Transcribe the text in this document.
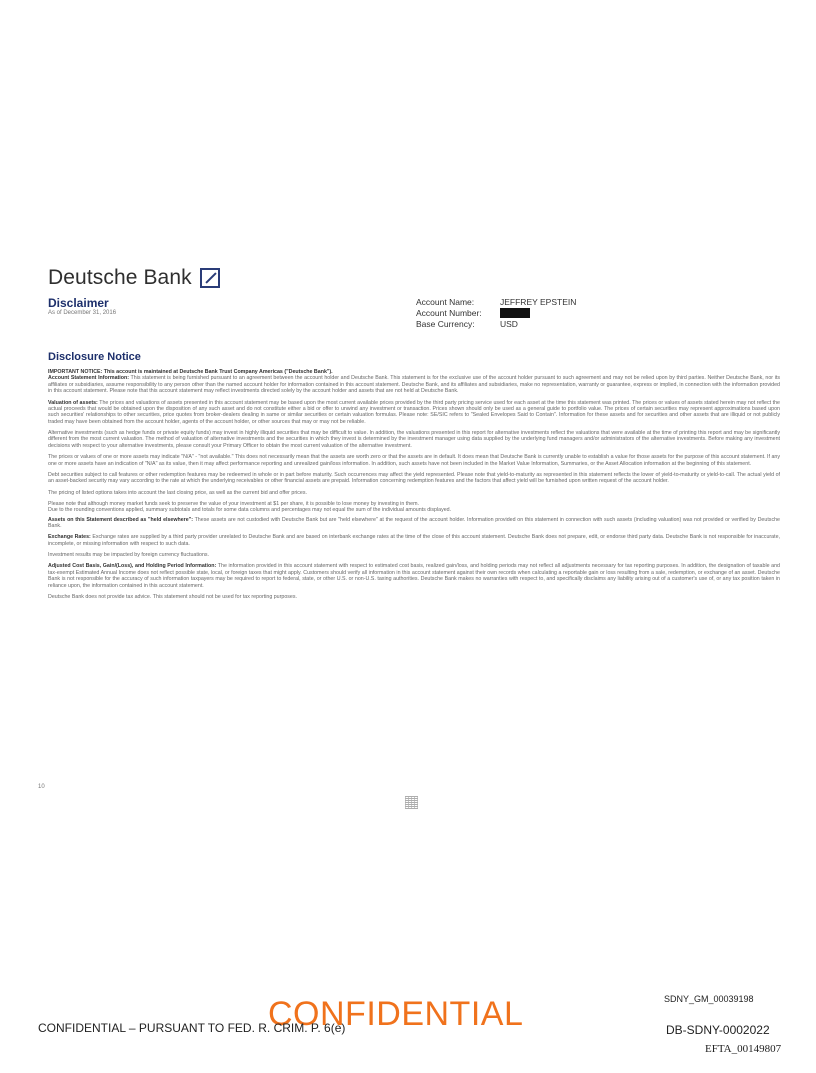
Deutsche Bank
Disclaimer
As of December 31, 2016
Account Name:	JEFFREY EPSTEIN
Account Number:
Base Currency:	USD
Disclosure Notice

IMPORTANT NOTICE: This account is maintained at Deutsche Bank Trust Company Americas ("Deutsche Bank").

Account Statement Information: This statement is being furnished pursuant to an agreement between the account holder and Deutsche Bank. This statement is for the exclusive use of the account holder pursuant to such agreement and may not be relied upon by third parties. Neither Deutsche Bank, nor its affiliates or subsidiaries, assume responsibility to any person other than the named account holder for information contained in this account statement. Deutsche Bank, and its affiliates and subsidiaries, make no representation, warranty or guarantee, express or implied, in connection with the information provided in this account statement. Please note that this account statement may reflect investments directed solely by the account holder and assets that are not held at Deutsche Bank.

Valuation of assets: The prices and valuations of assets presented in this account statement may be based upon the most current available prices provided by the third party pricing service used for each asset at the time this statement was printed. The prices or values of assets stated herein may not reflect the actual proceeds that would be obtained upon the disposition of any such asset and do not constitute either a bid or offer to unwind any investment or transaction. Prices shown should only be used as a general guide to portfolio value. The prices of certain securities may represent approximations based upon such securities' relationships to other securities, price quotes from broker-dealers dealing in same or similar securities or certain valuation formulas. Please note: SE/SIC refers to "Sealed Envelopes Said to Contain". Information for these assets and for securities and other assets that are illiquid or not publicly traded may have been obtained from the account holder, agents of the account holder, or other sources that may or may not be reliable.

Alternative investments (such as hedge funds or private equity funds) may invest in highly illiquid securities that may be difficult to value. In addition, the valuations presented in this report for alternative investments reflect the valuations that were available at the time of printing this report and may be significantly different from the most current valuation. The method of valuation of alternative investments and the securities in which they invest is determined by the investment manager using data supplied by the underlying fund managers and/or administrators of the alternative investments. Before making any investment decisions with respect to your alternative investments, please consult your Primary Officer to obtain the most current valuation of the alternative investment.

The prices or values of one or more assets may indicate "N/A" - "not available." This does not necessarily mean that the assets are worth zero or that the assets are in default. It does mean that Deutsche Bank is currently unable to establish a value for those assets for the purpose of this account statement. If any one or more assets have an indication of "N/A" as its value, then it may affect performance reporting and unrealized gain/loss information. In addition, such assets have not been included in the Market Value Information, Summaries, or the Asset Allocation information at the beginning of this statement.

Debt securities subject to call features or other redemption features may be redeemed in whole or in part before maturity. Such occurrences may affect the yield represented. Please note that yield-to-maturity as represented in this statement reflects the lower of yield-to-maturity or yield-to-call. The actual yield of an asset-backed security may vary according to the rate at which the underlying receivables or other financial assets are prepaid. Information concerning redemption features and the factors that affect yield will be furnished upon written request of the account holder.

The pricing of listed options takes into account the last closing price, as well as the current bid and offer prices.

Please note that although money market funds seek to preserve the value of your investment at $1 per share, it is possible to lose money by investing in them.

Due to the rounding conventions applied, summary subtotals and totals for some data columns and percentages may not equal the sum of the individual amounts displayed.

Assets on this Statement described as "held elsewhere": These assets are not custodied with Deutsche Bank but are "held elsewhere" at the request of the account holder. Information provided on this statement in connection with such assets (including valuation) was not provided or verified by Deutsche Bank.

Exchange Rates: Exchange rates are supplied by a third party provider unrelated to Deutsche Bank and are based on interbank exchange rates at the time of the close of this account statement. Deutsche Bank does not prepare, edit, or endorse third party data. Deutsche Bank is not responsible for inaccurate, incomplete, or missing information with respect to such data.

Investment results may be impacted by foreign currency fluctuations.

Adjusted Cost Basis, Gain/(Loss), and Holding Period Information: The information provided in this account statement with respect to estimated cost basis, realized gain/loss, and holding periods may not reflect all adjustments necessary for tax reporting purposes. In addition, the designation of taxable and tax-exempt Estimated Annual Income does not reflect possible state, local, or foreign taxes that might apply. Customers should verify all information in this account statement against their own records when calculating a reportable gain or loss resulting from a sale, redemption, or exchange of an asset. Deutsche Bank is not responsible for the accuracy of such information taxpayers may be required to report to federal, state, or other U.S. or non-U.S. taxing authorities. Deutsche Bank makes no warranties with respect to, and specifically disclaims any liability arising out of a customer's use of, or any tax position taken in reliance upon, the information contained in this account statement.

Deutsche Bank does not provide tax advice. This statement should not be used for tax reporting purposes.

10
CONFIDENTIAL
CONFIDENTIAL – PURSUANT TO FED. R. CRIM. P. 6(e)
SDNY_GM_00039198
DB-SDNY-0002022
EFTA_00149807
